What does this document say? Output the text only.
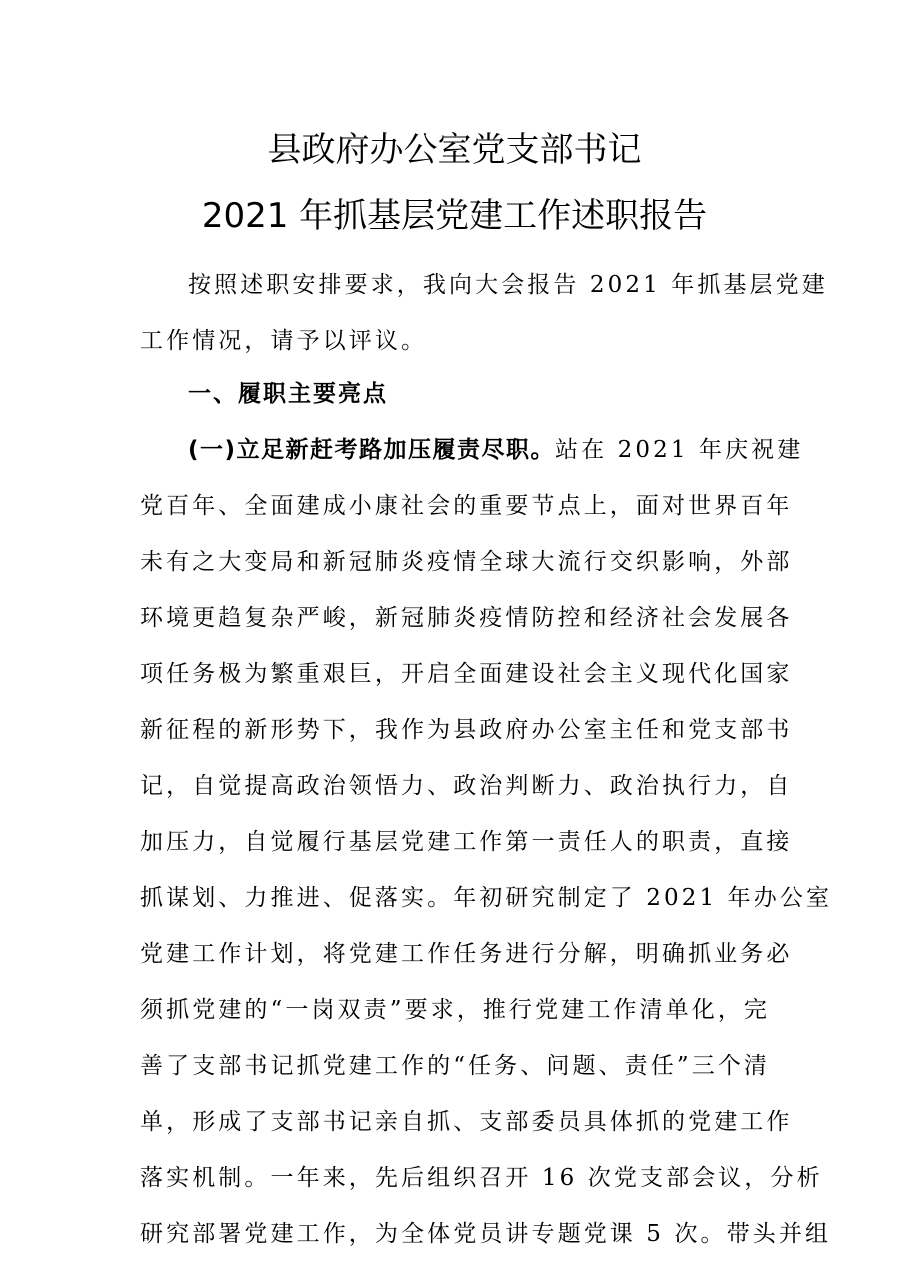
县政府办公室党支部书记
2021 年抓基层党建工作述职报告
按照述职安排要求，我向大会报告 2021 年抓基层党建
工作情况，请予以评议。
一、履职主要亮点
(一)立足新赶考路加压履责尽职。站在 2021 年庆祝建
党百年、全面建成小康社会的重要节点上，面对世界百年
未有之大变局和新冠肺炎疫情全球大流行交织影响，外部
环境更趋复杂严峻，新冠肺炎疫情防控和经济社会发展各
项任务极为繁重艰巨，开启全面建设社会主义现代化国家
新征程的新形势下，我作为县政府办公室主任和党支部书
记，自觉提高政治领悟力、政治判断力、政治执行力，自
加压力，自觉履行基层党建工作第一责任人的职责，直接
抓谋划、力推进、促落实。年初研究制定了 2021 年办公室
党建工作计划，将党建工作任务进行分解，明确抓业务必
须抓党建的“一岗双责”要求，推行党建工作清单化，完
善了支部书记抓党建工作的“任务、问题、责任”三个清
单，形成了支部书记亲自抓、支部委员具体抓的党建工作
落实机制。一年来，先后组织召开 16 次党支部会议，分析
研究部署党建工作，为全体党员讲专题党课 5 次。带头并组
